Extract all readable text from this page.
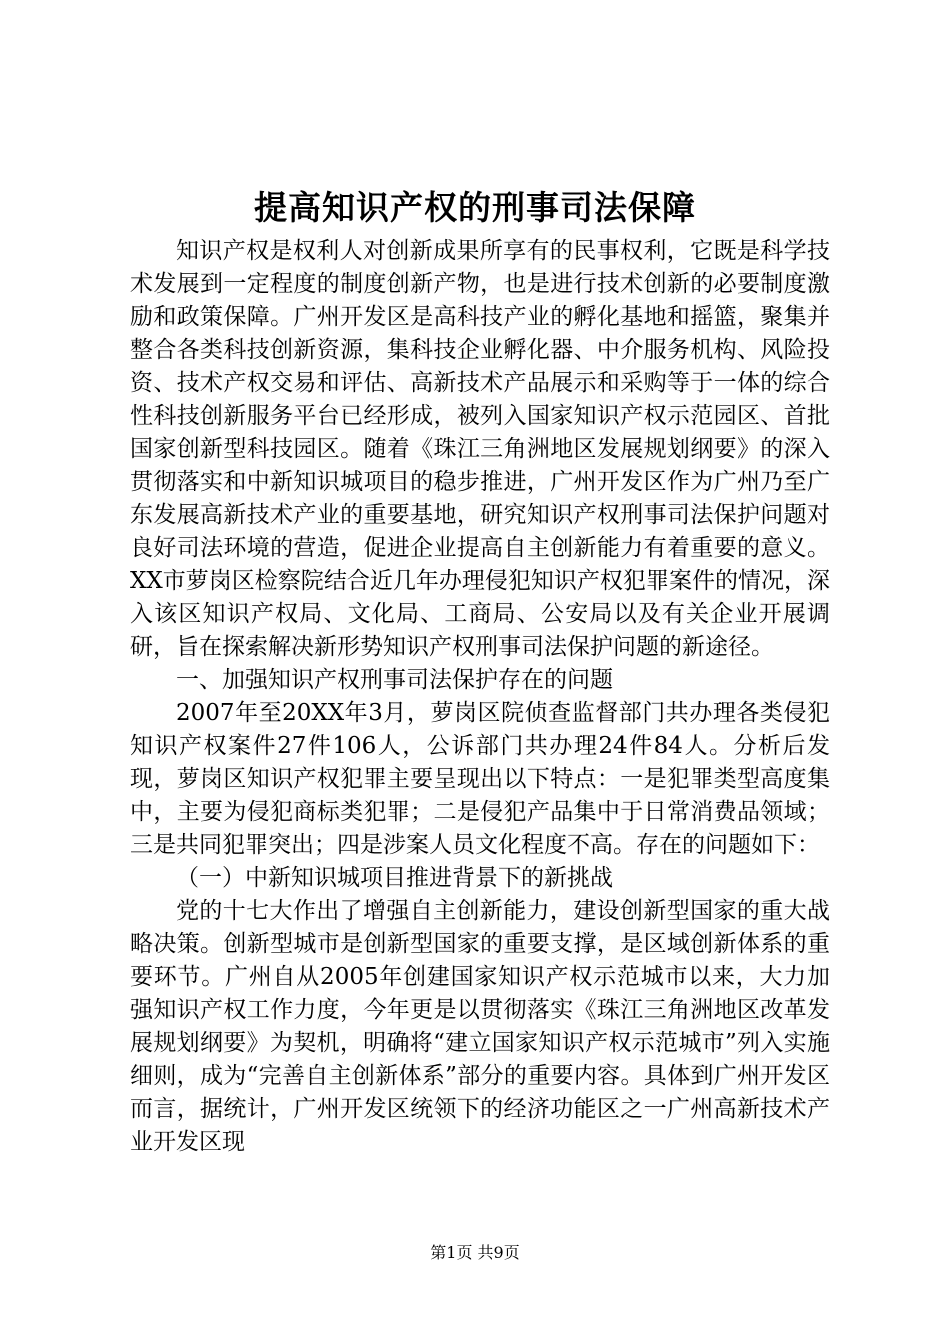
提高知识产权的刑事司法保障

知识产权是权利人对创新成果所享有的民事权利，它既是科学技术发展到一定程度的制度创新产物，也是进行技术创新的必要制度激励和政策保障。广州开发区是高科技产业的孵化基地和摇篮，聚集并整合各类科技创新资源，集科技企业孵化器、中介服务机构、风险投资、技术产权交易和评估、高新技术产品展示和采购等于一体的综合性科技创新服务平台已经形成，被列入国家知识产权示范园区、首批国家创新型科技园区。随着《珠江三角洲地区发展规划纲要》的深入贯彻落实和中新知识城项目的稳步推进，广州开发区作为广州乃至广东发展高新技术产业的重要基地，研究知识产权刑事司法保护问题对良好司法环境的营造，促进企业提高自主创新能力有着重要的意义。XX市萝岗区检察院结合近几年办理侵犯知识产权犯罪案件的情况，深入该区知识产权局、文化局、工商局、公安局以及有关企业开展调研，旨在探索解决新形势知识产权刑事司法保护问题的新途径。

一、加强知识产权刑事司法保护存在的问题

2007年至20XX年3月，萝岗区院侦查监督部门共办理各类侵犯知识产权案件27件106人，公诉部门共办理24件84人。分析后发现，萝岗区知识产权犯罪主要呈现出以下特点：一是犯罪类型高度集中，主要为侵犯商标类犯罪；二是侵犯产品集中于日常消费品领域；三是共同犯罪突出；四是涉案人员文化程度不高。存在的问题如下：

（一）中新知识城项目推进背景下的新挑战

党的十七大作出了增强自主创新能力，建设创新型国家的重大战略决策。创新型城市是创新型国家的重要支撑，是区域创新体系的重要环节。广州自从2005年创建国家知识产权示范城市以来，大力加强知识产权工作力度，今年更是以贯彻落实《珠江三角洲地区改革发展规划纲要》为契机，明确将“建立国家知识产权示范城市”列入实施细则，成为“完善自主创新体系”部分的重要内容。具体到广州开发区而言，据统计，广州开发区统领下的经济功能区之一广州高新技术产业开发区现

第1页 共9页
